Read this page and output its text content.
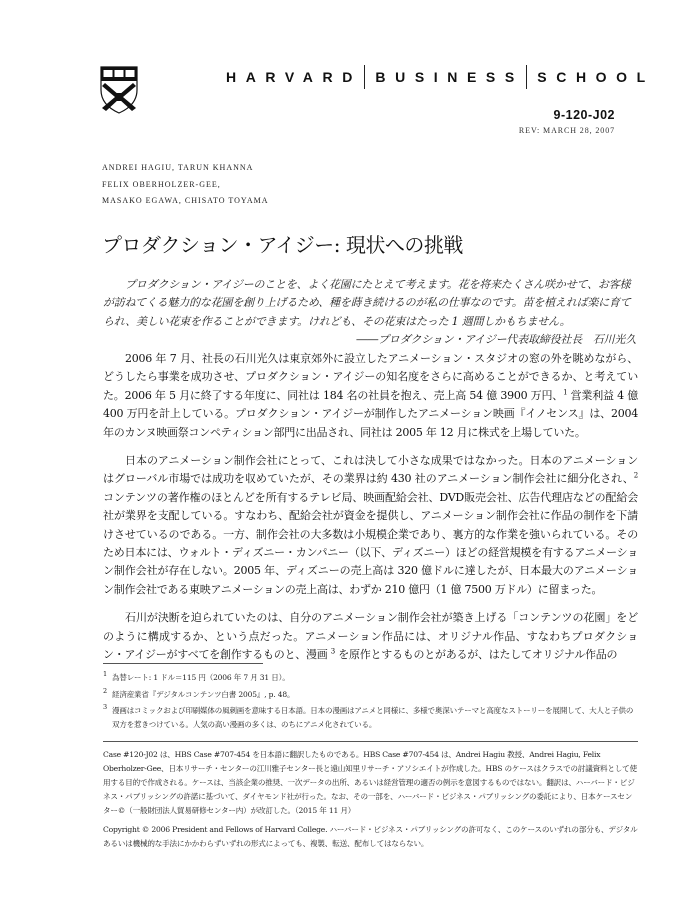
HARVARD BUSINESS SCHOOL
9-120-J02
REV: MARCH 28, 2007
ANDREI HAGIU, TARUN KHANNA
FELIX OBERHOLZER-GEE,
MASAKO EGAWA, CHISATO TOYAMA
プロダクション・アイジー: 現状への挑戦

プロダクション・アイジーのことを、よく花園にたとえて考えます。花を将来たくさん咲かせて、お客様が訪ねてくる魅力的な花園を創り上げるため、種を蒔き続けるのが私の仕事なのです。苗を植えれば楽に育てられ、美しい花束を作ることができます。けれども、その花束はたった 1 週間しかもちません。

――プロダクション・アイジー代表取締役社長　石川光久

2006 年 7 月、社長の石川光久は東京郊外に設立したアニメーション・スタジオの窓の外を眺めながら、どうしたら事業を成功させ、プロダクション・アイジーの知名度をさらに高めることができるか、と考えていた。2006 年 5 月に終了する年度に、同社は 184 名の社員を抱え、売上高 54 億 3900 万円、$^1$ 営業利益 4 億 400 万円を計上している。プロダクション・アイジーが制作したアニメーション映画『イノセンス』は、2004 年のカンヌ映画祭コンペティション部門に出品され、同社は 2005 年 12 月に株式を上場していた。

日本のアニメーション制作会社にとって、これは決して小さな成果ではなかった。日本のアニメーションはグローバル市場では成功を収めていたが、その業界は約 430 社のアニメーション制作会社に細分化され、$^2$ コンテンツの著作権のほとんどを所有するテレビ局、映画配給会社、DVD販売会社、広告代理店などの配給会社が業界を支配している。すなわち、配給会社が資金を提供し、アニメーション制作会社に作品の制作を下請けさせているのである。一方、制作会社の大多数は小規模企業であり、裏方的な作業を強いられている。そのため日本には、ウォルト・ディズニー・カンパニー（以下、ディズニー）ほどの経営規模を有するアニメーション制作会社が存在しない。2005 年、ディズニーの売上高は 320 億ドルに達したが、日本最大のアニメーション制作会社である東映アニメーションの売上高は、わずか 210 億円（1 億 7500 万ドル）に留まった。

石川が決断を迫られていたのは、自分のアニメーション制作会社が築き上げる「コンテンツの花園」をどのように構成するか、という点だった。アニメーション作品には、オリジナル作品、すなわちプロダクション・アイジーがすべてを創作するものと、漫画 $^3$ を原作とするものとがあるが、はたしてオリジナル作品の

1 為替レート: 1 ドル＝115 円（2006 年 7 月 31 日）。
2 経済産業省『デジタルコンテンツ白書 2005』, p. 48。
3 漫画はコミックおよび印刷媒体の風刺画を意味する日本語。日本の漫画はアニメと同様に、多様で奥深いテーマと高度なストーリーを展開して、大人と子供の双方を惹きつけている。人気の高い漫画の多くは、のちにアニメ化されている。
Case #120-J02 は、HBS Case #707-454 を日本語に翻訳したものである。HBS Case #707-454 は、Andrei Hagiu 教授、Andrei Hagiu, Felix Oberholzer-Gee、日本リサーチ・センターの江川雅子センター長と遠山知里リサーチ・アソシエイトが作成した。HBS のケースはクラスでの討議資料として使用する目的で作成される。ケースは、当該企業の推奨、一次データの出所、あるいは経営管理の適否の例示を意図するものではない。翻訳は、ハーバード・ビジネス・パブリッシングの許諾に基づいて、ダイヤモンド社が行った。なお、その一部を、ハーバード・ビジネス・パブリッシングの委託により、日本ケースセンター©（一般財団法人貿易研修センター内）が改訂した。（2015 年 11 月）
Copyright © 2006 President and Fellows of Harvard College. ハーバード・ビジネス・パブリッシングの許可なく、このケースのいずれの部分も、デジタルあるいは機械的な手法にかかわらずいずれの形式によっても、複製、転送、配布してはならない。
